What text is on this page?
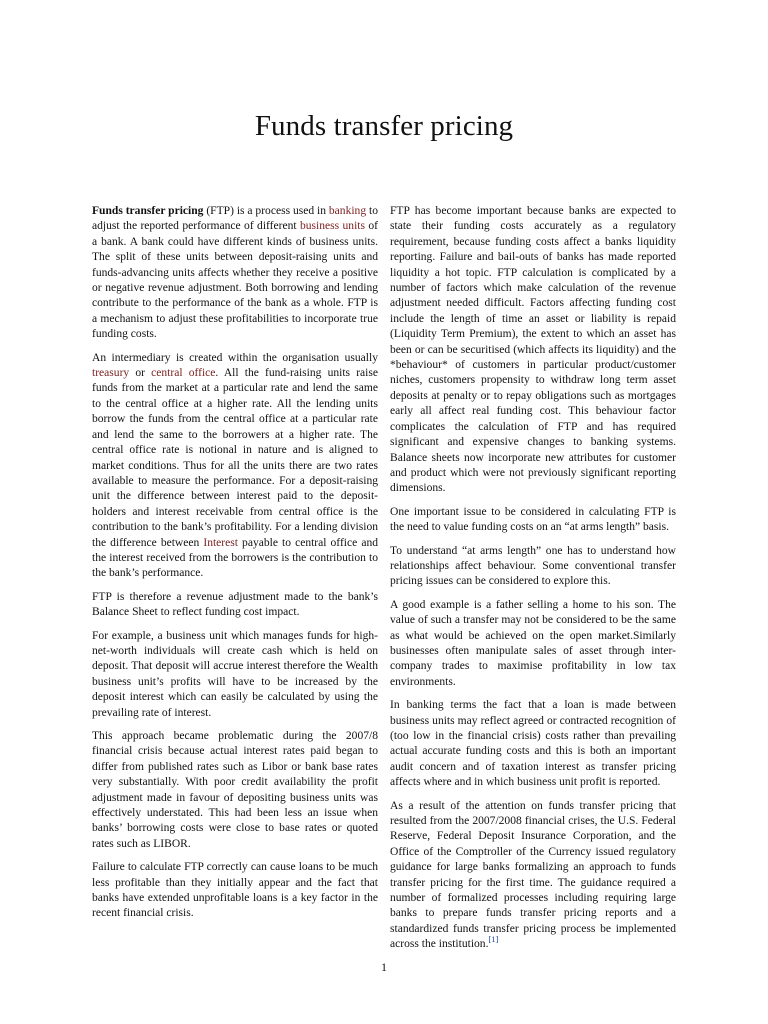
Funds transfer pricing

Funds transfer pricing (FTP) is a process used in banking to adjust the reported performance of different business units of a bank. A bank could have different kinds of business units. The split of these units between deposit-raising units and funds-advancing units affects whether they receive a positive or negative revenue adjustment. Both borrowing and lending contribute to the performance of the bank as a whole. FTP is a mechanism to adjust these profitabilities to incorporate true funding costs.

An intermediary is created within the organisation usually treasury or central office. All the fund-raising units raise funds from the market at a particular rate and lend the same to the central office at a higher rate. All the lending units borrow the funds from the central office at a particular rate and lend the same to the borrowers at a higher rate. The central office rate is notional in nature and is aligned to market conditions. Thus for all the units there are two rates available to measure the performance. For a deposit-raising unit the difference between interest paid to the deposit-holders and interest receivable from central office is the contribution to the bank’s profitability. For a lending division the difference between Interest payable to central office and the interest received from the borrowers is the contribution to the bank’s performance.

FTP is therefore a revenue adjustment made to the bank’s Balance Sheet to reflect funding cost impact.

For example, a business unit which manages funds for high-net-worth individuals will create cash which is held on deposit. That deposit will accrue interest therefore the Wealth business unit’s profits will have to be increased by the deposit interest which can easily be calculated by using the prevailing rate of interest.

This approach became problematic during the 2007/8 financial crisis because actual interest rates paid began to differ from published rates such as Libor or bank base rates very substantially. With poor credit availability the profit adjustment made in favour of depositing business units was effectively understated. This had been less an issue when banks’ borrowing costs were close to base rates or quoted rates such as LIBOR.

Failure to calculate FTP correctly can cause loans to be much less profitable than they initially appear and the fact that banks have extended unprofitable loans is a key factor in the recent financial crisis.

FTP has become important because banks are expected to state their funding costs accurately as a regulatory requirement, because funding costs affect a banks liquidity reporting. Failure and bail-outs of banks has made reported liquidity a hot topic. FTP calculation is complicated by a number of factors which make calculation of the revenue adjustment needed difficult. Factors affecting funding cost include the length of time an asset or liability is repaid (Liquidity Term Premium), the extent to which an asset has been or can be securitised (which affects its liquidity) and the *behaviour* of customers in particular product/customer niches, customers propensity to withdraw long term asset deposits at penalty or to repay obligations such as mortgages early all affect real funding cost. This behaviour factor complicates the calculation of FTP and has required significant and expensive changes to banking systems. Balance sheets now incorporate new attributes for customer and product which were not previously significant reporting dimensions.

One important issue to be considered in calculating FTP is the need to value funding costs on an “at arms length” basis.

To understand “at arms length” one has to understand how relationships affect behaviour. Some conventional transfer pricing issues can be considered to explore this.

A good example is a father selling a home to his son. The value of such a transfer may not be considered to be the same as what would be achieved on the open market.Similarly businesses often manipulate sales of asset through inter-company trades to maximise profitability in low tax environments.

In banking terms the fact that a loan is made between business units may reflect agreed or contracted recognition of (too low in the financial crisis) costs rather than prevailing actual accurate funding costs and this is both an important audit concern and of taxation interest as transfer pricing affects where and in which business unit profit is reported.

As a result of the attention on funds transfer pricing that resulted from the 2007/2008 financial crises, the U.S. Federal Reserve, Federal Deposit Insurance Corporation, and the Office of the Comptroller of the Currency issued regulatory guidance for large banks formalizing an approach to funds transfer pricing for the first time. The guidance required a number of formalized processes including requiring large banks to prepare funds transfer pricing reports and a standardized funds transfer pricing process be implemented across the institution.[1]

1
